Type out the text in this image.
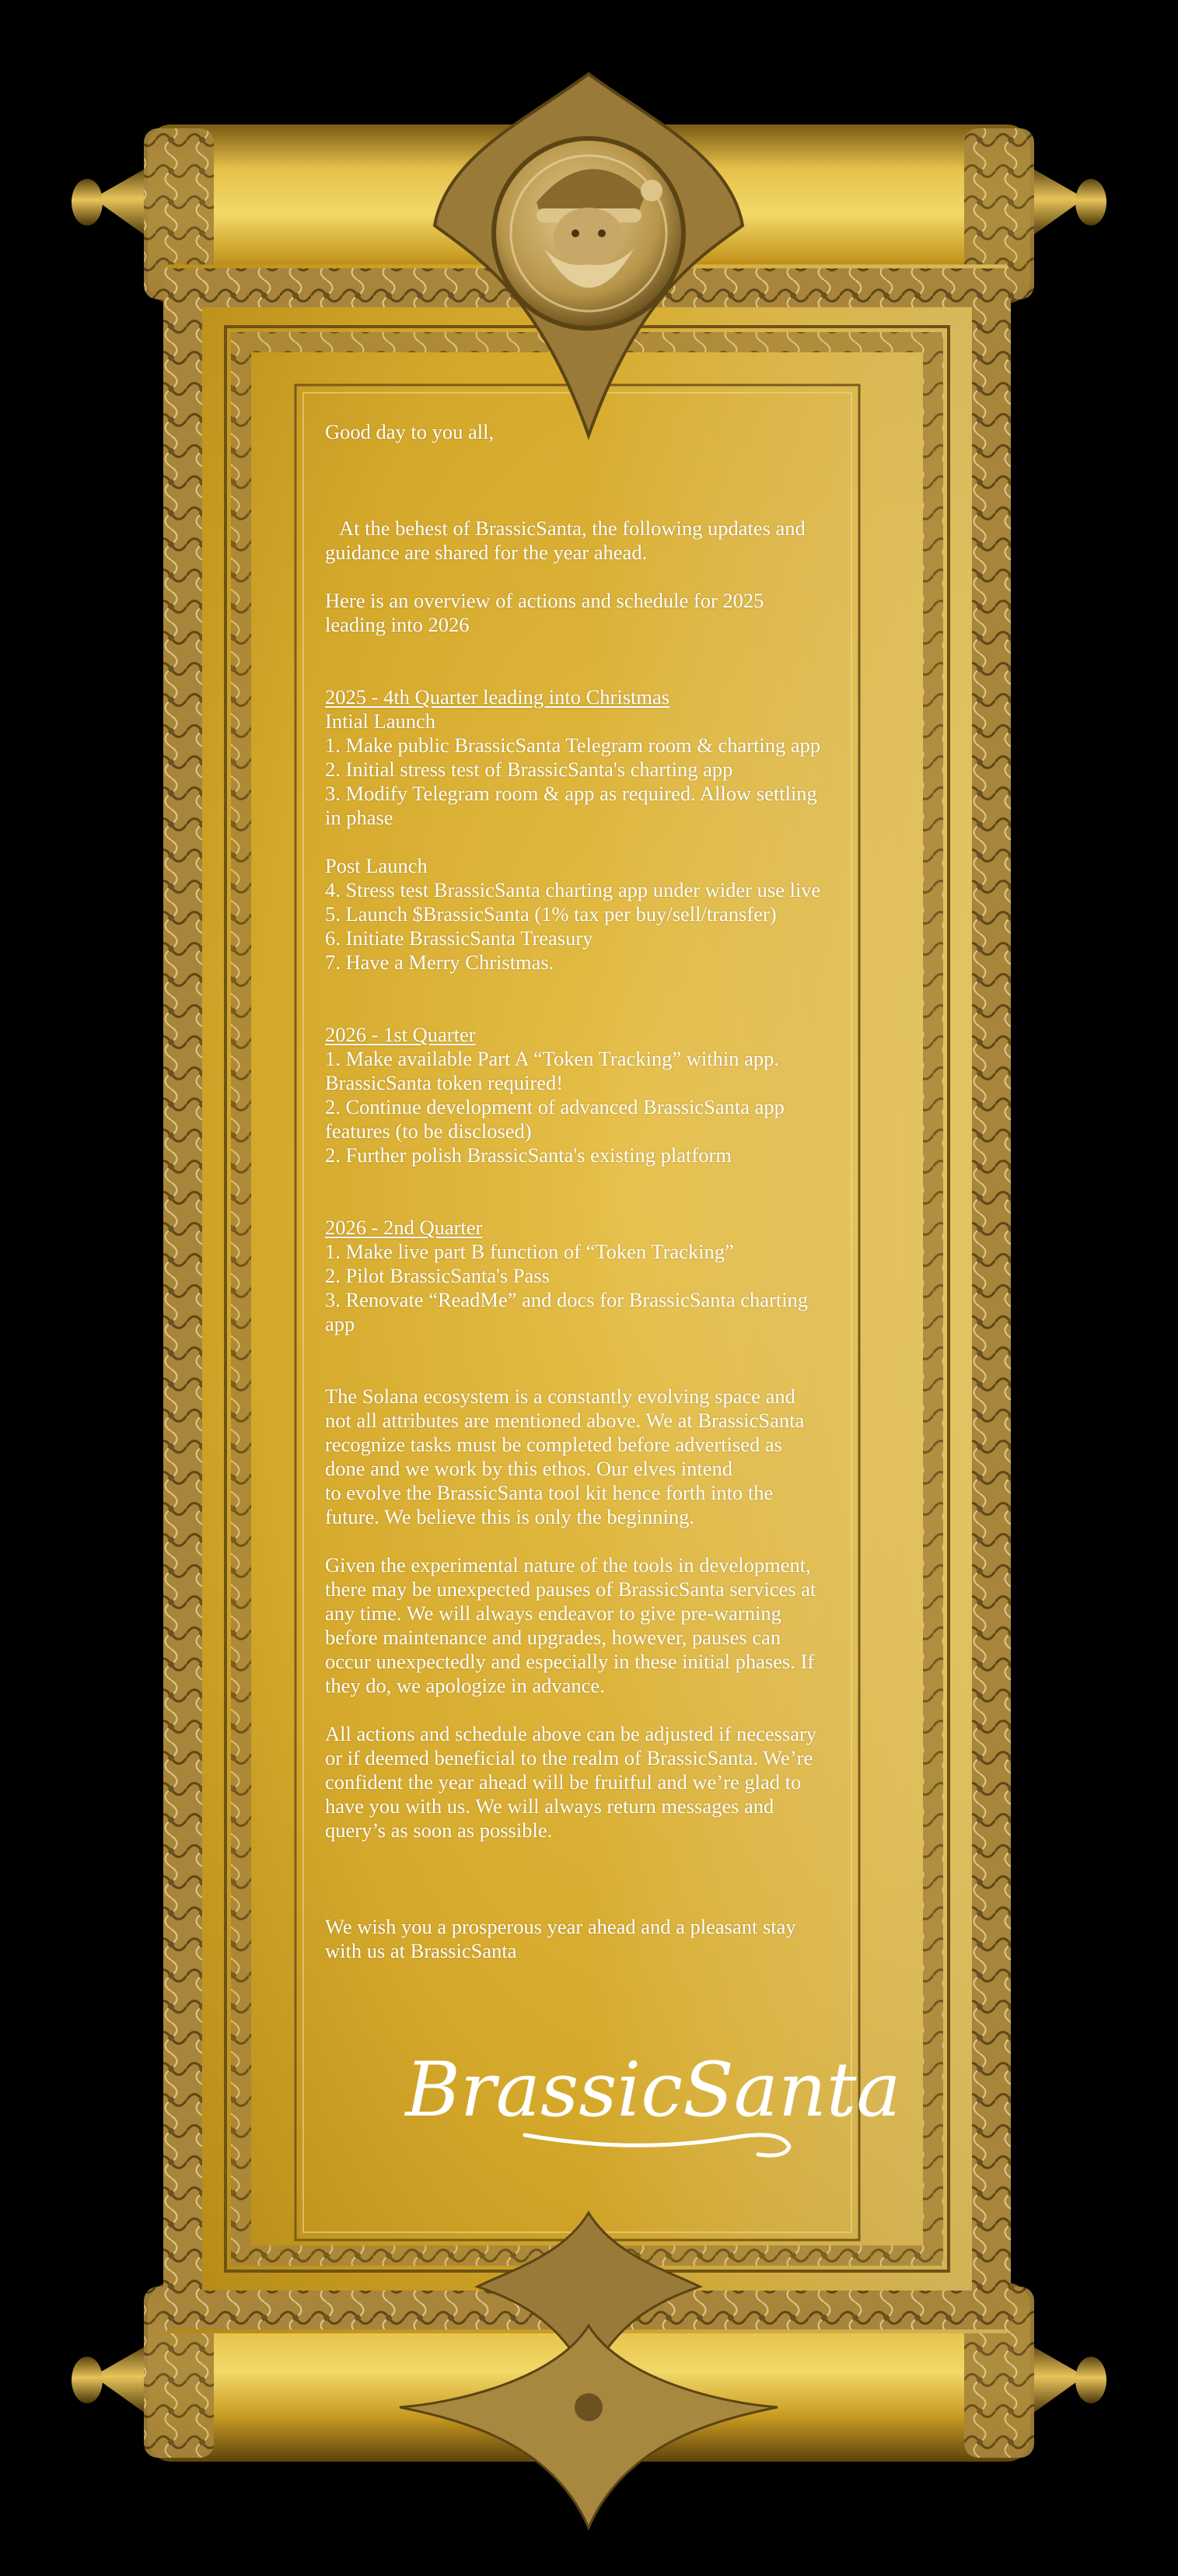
Good day to you all,
At the behest of BrassicSanta, the following updates and
guidance are shared for the year ahead.
Here is an overview of actions and schedule for 2025
leading into 2026
2025 - 4th Quarter leading into Christmas
Intial Launch
1. Make public BrassicSanta Telegram room & charting app
2. Initial stress test of BrassicSanta's charting app
3. Modify Telegram room & app as required. Allow settling
in phase
Post Launch
4. Stress test BrassicSanta charting app under wider use live
5. Launch $BrassicSanta (1% tax per buy/sell/transfer)
6. Initiate BrassicSanta Treasury
7. Have a Merry Christmas.
2026 - 1st Quarter
1. Make available Part A “Token Tracking” within app.
BrassicSanta token required!
2. Continue development of advanced BrassicSanta app
features (to be disclosed)
2. Further polish BrassicSanta's existing platform
2026 - 2nd Quarter
1. Make live part B function of “Token Tracking”
2. Pilot BrassicSanta's Pass
3. Renovate “ReadMe” and docs for BrassicSanta charting
app
The Solana ecosystem is a constantly evolving space and
not all attributes are mentioned above. We at BrassicSanta
recognize tasks must be completed before advertised as
done and we work by this ethos. Our elves intend
to evolve the BrassicSanta tool kit hence forth into the
future. We believe this is only the beginning.
Given the experimental nature of the tools in development,
there may be unexpected pauses of BrassicSanta services at
any time. We will always endeavor to give pre-warning
before maintenance and upgrades, however, pauses can
occur unexpectedly and especially in these initial phases. If
they do, we apologize in advance.
All actions and schedule above can be adjusted if necessary
or if deemed beneficial to the realm of BrassicSanta. We’re
confident the year ahead will be fruitful and we’re glad to
have you with us. We will always return messages and
query’s as soon as possible.
We wish you a prosperous year ahead and a pleasant stay
with us at BrassicSanta
BrassicSanta
